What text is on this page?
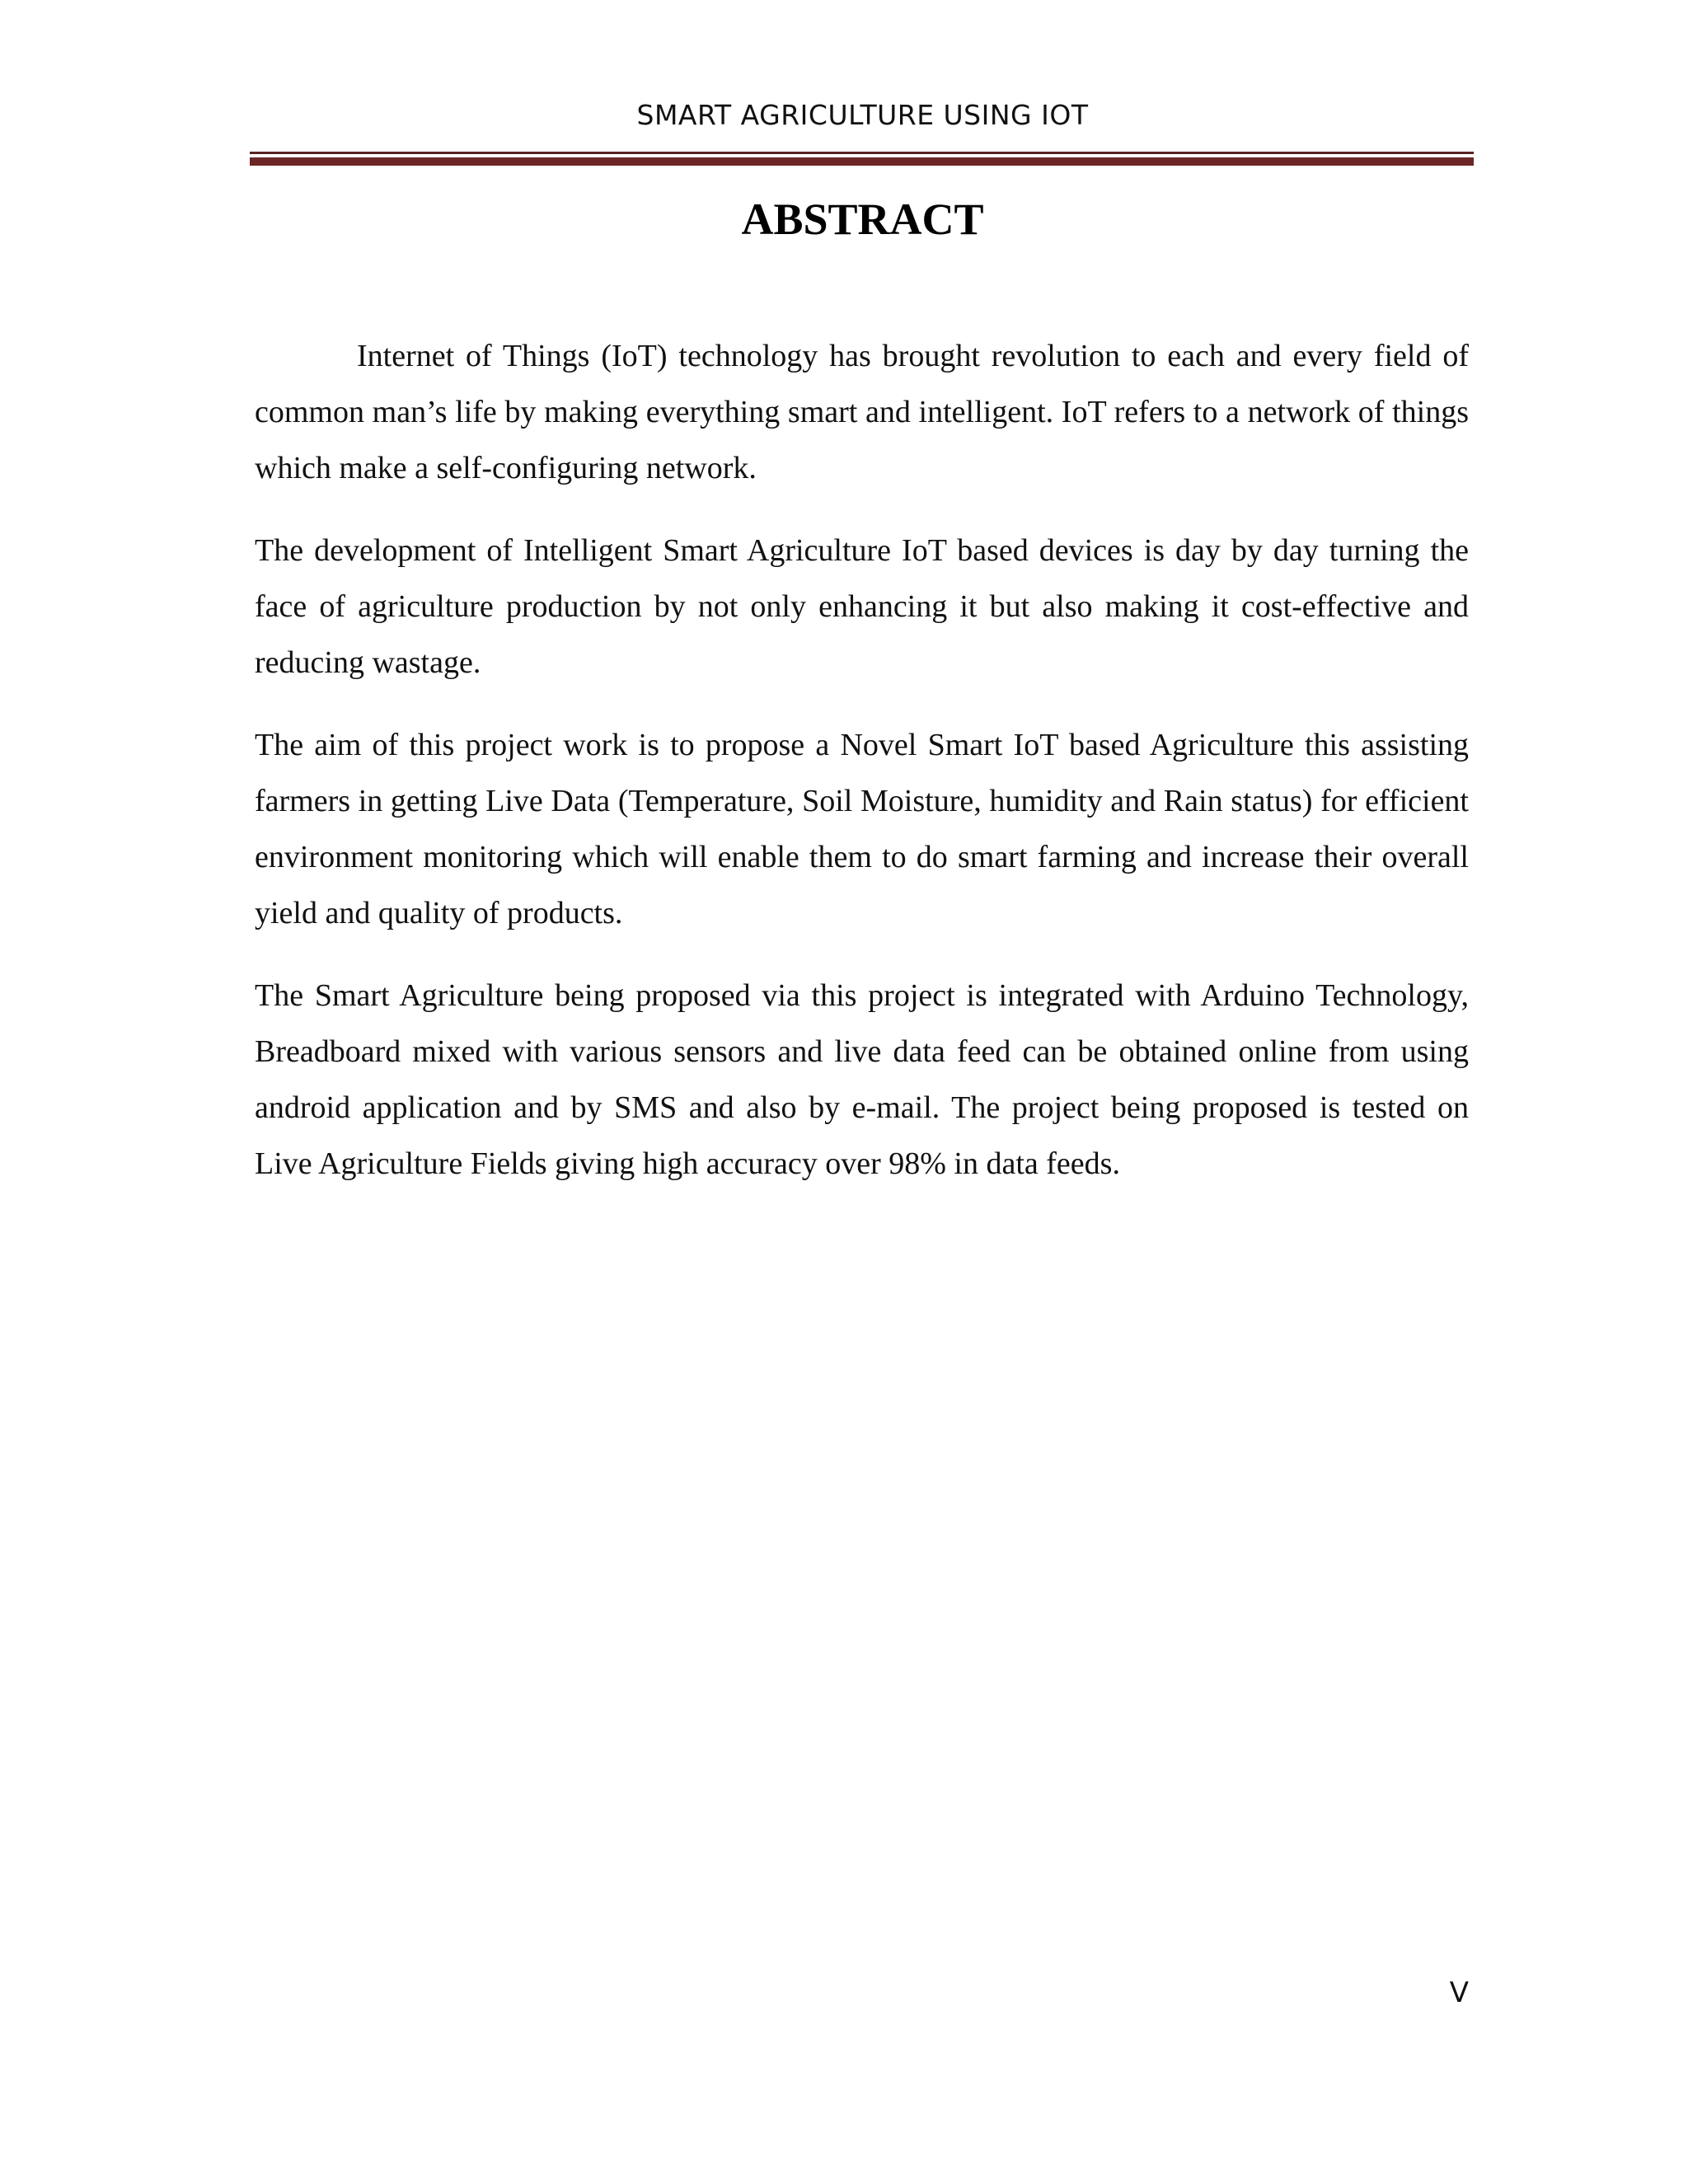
SMART AGRICULTURE USING IOT
ABSTRACT

Internet of Things (IoT) technology has brought revolution to each and every field of common man’s life by making everything smart and intelligent. IoT refers to a network of things which make a self-configuring network.

The development of Intelligent Smart Agriculture IoT based devices is day by day turning the face of agriculture production by not only enhancing it but also making it cost-effective and reducing wastage.

The aim of this project work is to propose a Novel Smart IoT based Agriculture this assisting farmers in getting Live Data (Temperature, Soil Moisture, humidity and Rain status) for efficient environment monitoring which will enable them to do smart farming and increase their overall yield and quality of products.

The Smart Agriculture being proposed via this project is integrated with Arduino Technology, Breadboard mixed with various sensors and live data feed can be obtained online from using android application and by SMS and also by e-mail. The project being proposed is tested on Live Agriculture Fields giving high accuracy over 98% in data feeds.

V
